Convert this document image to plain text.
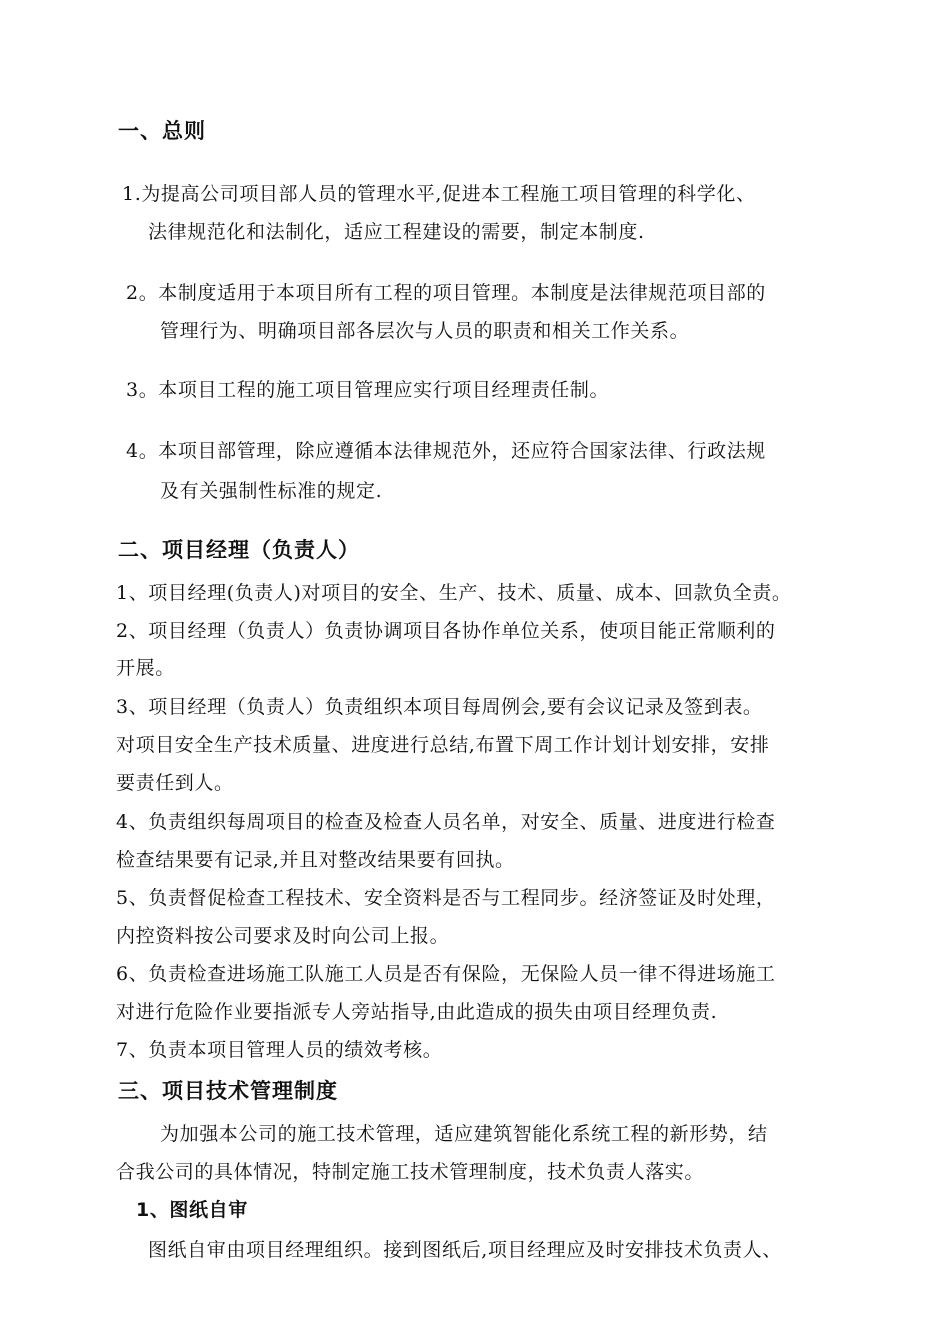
一、总则
1.为提高公司项目部人员的管理水平,促进本工程施工项目管理的科学化、
法律规范化和法制化，适应工程建设的需要，制定本制度.
2。本制度适用于本项目所有工程的项目管理。本制度是法律规范项目部的
管理行为、明确项目部各层次与人员的职责和相关工作关系。
3。本项目工程的施工项目管理应实行项目经理责任制。
4。本项目部管理，除应遵循本法律规范外，还应符合国家法律、行政法规
及有关强制性标准的规定.
二、项目经理（负责人）
1、项目经理(负责人)对项目的安全、生产、技术、质量、成本、回款负全责。
2、项目经理（负责人）负责协调项目各协作单位关系，使项目能正常顺利的
开展。
3、项目经理（负责人）负责组织本项目每周例会,要有会议记录及签到表。
对项目安全生产技术质量、进度进行总结,布置下周工作计划计划安排，安排
要责任到人。
4、负责组织每周项目的检查及检查人员名单，对安全、质量、进度进行检查
检查结果要有记录,并且对整改结果要有回执。
5、负责督促检查工程技术、安全资料是否与工程同步。经济签证及时处理，
内控资料按公司要求及时向公司上报。
6、负责检查进场施工队施工人员是否有保险，无保险人员一律不得进场施工
对进行危险作业要指派专人旁站指导,由此造成的损失由项目经理负责.
7、负责本项目管理人员的绩效考核。
三、项目技术管理制度
为加强本公司的施工技术管理，适应建筑智能化系统工程的新形势，结
合我公司的具体情况，特制定施工技术管理制度，技术负责人落实。
1、图纸自审
图纸自审由项目经理组织。接到图纸后,项目经理应及时安排技术负责人、
